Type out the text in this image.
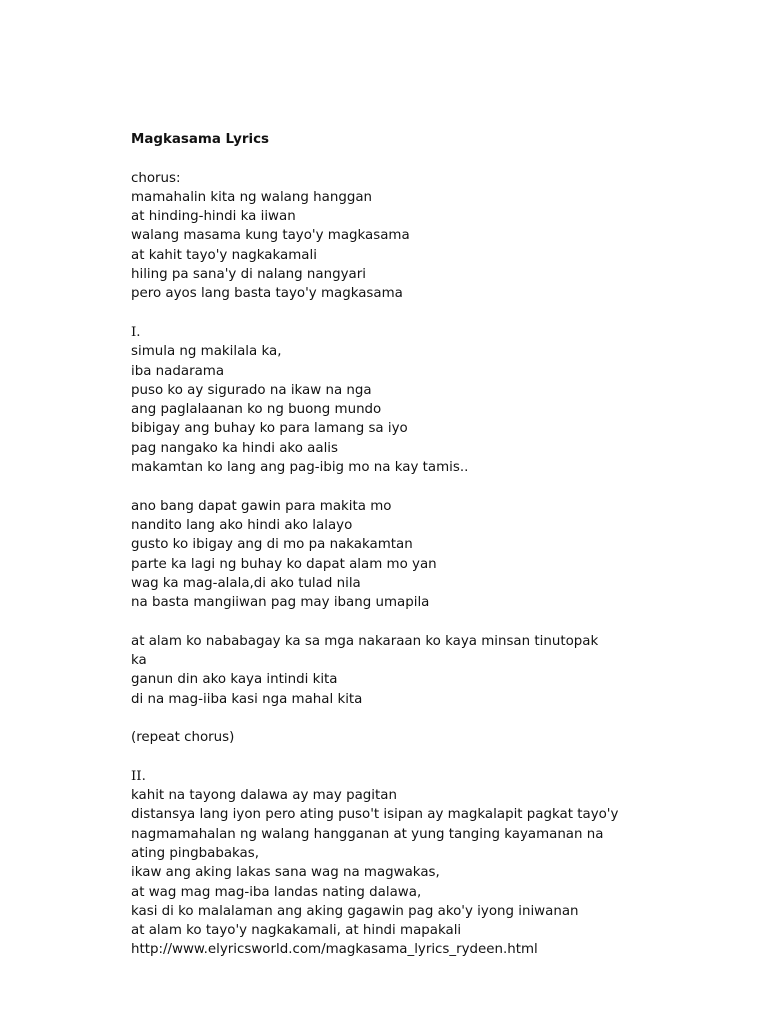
Magkasama Lyrics
chorus:
mamahalin kita ng walang hanggan
at hinding-hindi ka iiwan
walang masama kung tayo'y magkasama
at kahit tayo'y nagkakamali
hiling pa sana'y di nalang nangyari
pero ayos lang basta tayo'y magkasama
I.
simula ng makilala ka,
iba nadarama
puso ko ay sigurado na ikaw na nga
ang paglalaanan ko ng buong mundo
bibigay ang buhay ko para lamang sa iyo
pag nangako ka hindi ako aalis
makamtan ko lang ang pag-ibig mo na kay tamis..
ano bang dapat gawin para makita mo
nandito lang ako hindi ako lalayo
gusto ko ibigay ang di mo pa nakakamtan
parte ka lagi ng buhay ko dapat alam mo yan
wag ka mag-alala,di ako tulad nila
na basta mangiiwan pag may ibang umapila
at alam ko nababagay ka sa mga nakaraan ko kaya minsan tinutopak
ka
ganun din ako kaya intindi kita
di na mag-iiba kasi nga mahal kita
(repeat chorus)
II.
kahit na tayong dalawa ay may pagitan
distansya lang iyon pero ating puso't isipan ay magkalapit pagkat tayo'y
nagmamahalan ng walang hangganan at yung tanging kayamanan na
ating pingbabakas,
ikaw ang aking lakas sana wag na magwakas,
at wag mag mag-iba landas nating dalawa,
kasi di ko malalaman ang aking gagawin pag ako'y iyong iniwanan
at alam ko tayo'y nagkakamali, at hindi mapakali
http://www.elyricsworld.com/magkasama_lyrics_rydeen.html
